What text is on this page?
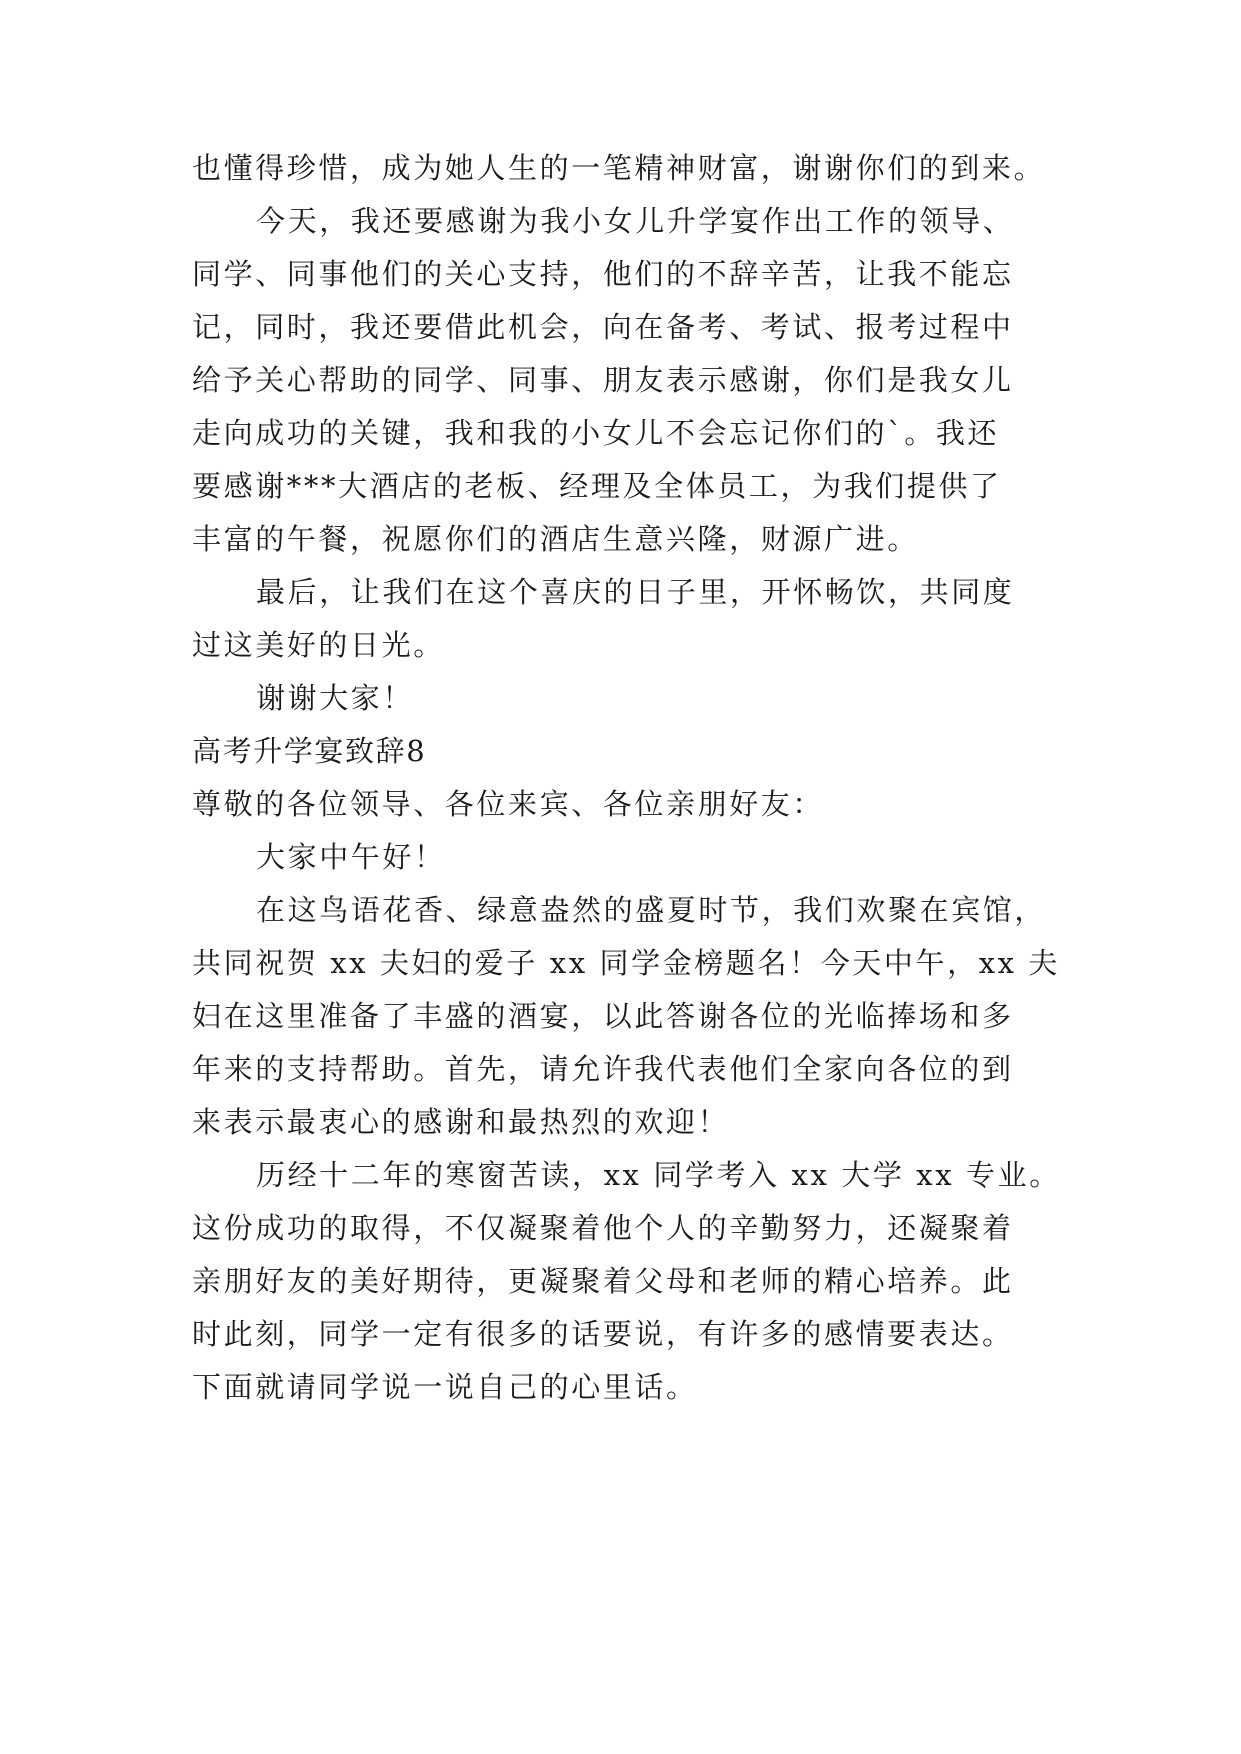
也懂得珍惜，成为她人生的一笔精神财富，谢谢你们的到来。
今天，我还要感谢为我小女儿升学宴作出工作的领导、
同学、同事他们的关心支持，他们的不辞辛苦，让我不能忘
记，同时，我还要借此机会，向在备考、考试、报考过程中
给予关心帮助的同学、同事、朋友表示感谢，你们是我女儿
走向成功的关键，我和我的小女儿不会忘记你们的`。我还
要感谢***大酒店的老板、经理及全体员工，为我们提供了
丰富的午餐，祝愿你们的酒店生意兴隆，财源广进。
最后，让我们在这个喜庆的日子里，开怀畅饮，共同度
过这美好的日光。
谢谢大家！
高考升学宴致辞8
尊敬的各位领导、各位来宾、各位亲朋好友：
大家中午好！
在这鸟语花香、绿意盎然的盛夏时节，我们欢聚在宾馆，
共同祝贺 xx 夫妇的爱子 xx 同学金榜题名！今天中午，xx 夫
妇在这里准备了丰盛的酒宴，以此答谢各位的光临捧场和多
年来的支持帮助。首先，请允许我代表他们全家向各位的到
来表示最衷心的感谢和最热烈的欢迎！
历经十二年的寒窗苦读，xx 同学考入 xx 大学 xx 专业。
这份成功的取得，不仅凝聚着他个人的辛勤努力，还凝聚着
亲朋好友的美好期待，更凝聚着父母和老师的精心培养。此
时此刻，同学一定有很多的话要说，有许多的感情要表达。
下面就请同学说一说自己的心里话。
